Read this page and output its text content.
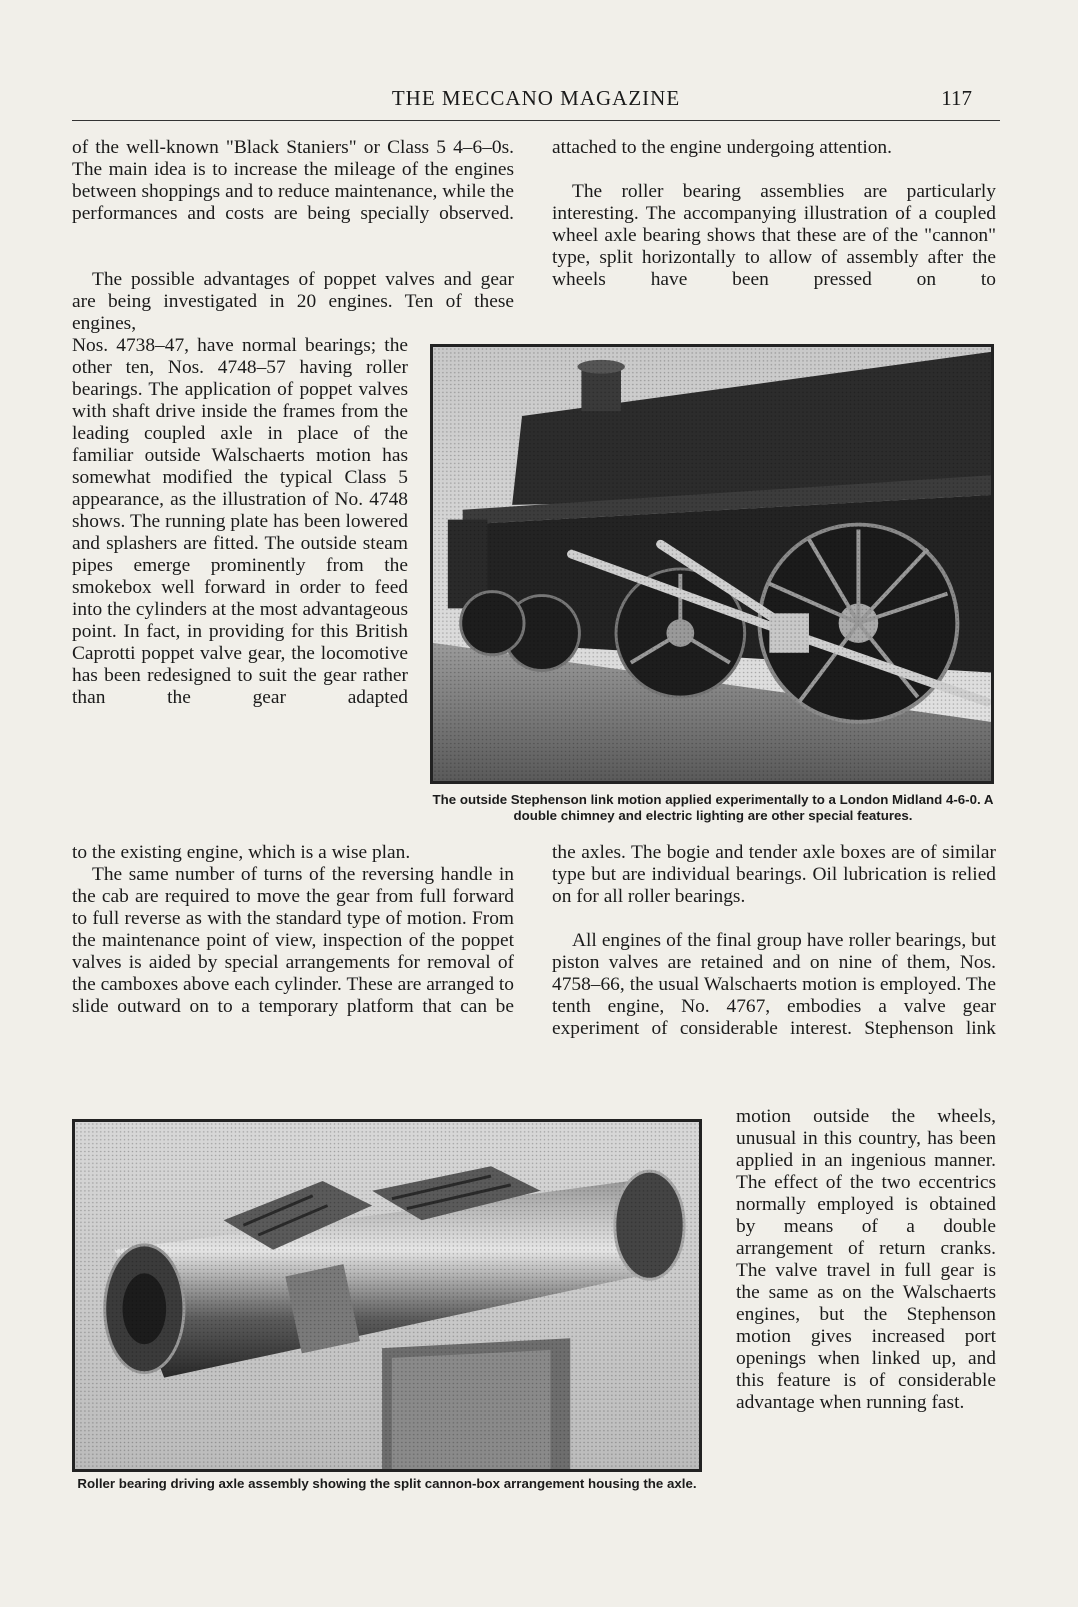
THE MECCANO MAGAZINE	117

of the well-known "Black Staniers" or Class 5 4–6–0s. The main idea is to increase the mileage of the engines between shoppings and to reduce maintenance, while the performances and costs are being specially observed.

The possible advantages of poppet valves and gear are being investigated in 20 engines. Ten of these engines,

Nos. 4738–47, have normal bearings; the other ten, Nos. 4748–57 having roller bearings. The application of poppet valves with shaft drive inside the frames from the leading coupled axle in place of the familiar outside Walschaerts motion has somewhat modified the typical Class 5 appearance, as the illustration of No. 4748 shows. The running plate has been lowered and splashers are fitted. The outside steam pipes emerge prominently from the smokebox well forward in order to feed into the cylinders at the most advantageous point. In fact, in providing for this British Caprotti poppet valve gear, the locomotive has been redesigned to suit the gear rather than the gear adapted

to the existing engine, which is a wise plan.

The same number of turns of the reversing handle in the cab are required to move the gear from full forward to full reverse as with the standard type of motion. From the maintenance point of view, inspection of the poppet valves is aided by special arrangements for removal of the camboxes above each cylinder. These are arranged to slide outward on to a temporary platform that can be

attached to the engine undergoing attention.

The roller bearing assemblies are particularly interesting. The accompanying illustration of a coupled wheel axle bearing shows that these are of the "cannon" type, split horizontally to allow of assembly after the wheels have been pressed on to

the axles. The bogie and tender axle boxes are of similar type but are individual bearings. Oil lubrication is relied on for all roller bearings.

All engines of the final group have roller bearings, but piston valves are retained and on nine of them, Nos. 4758–66, the usual Walschaerts motion is employed. The tenth engine, No. 4767, embodies a valve gear experiment of considerable interest. Stephenson link

motion outside the wheels, unusual in this country, has been applied in an ingenious manner. The effect of the two eccentrics normally employed is obtained by means of a double arrangement of return cranks. The valve travel in full gear is the same as on the Walschaerts engines, but the Stephenson motion gives increased port openings when linked up, and this feature is of considerable advantage when running fast.

The outside Stephenson link motion applied experimentally to a London Midland 4-6-0. A double chimney and electric lighting are other special features.

Roller bearing driving axle assembly showing the split cannon-box arrangement housing the axle.
